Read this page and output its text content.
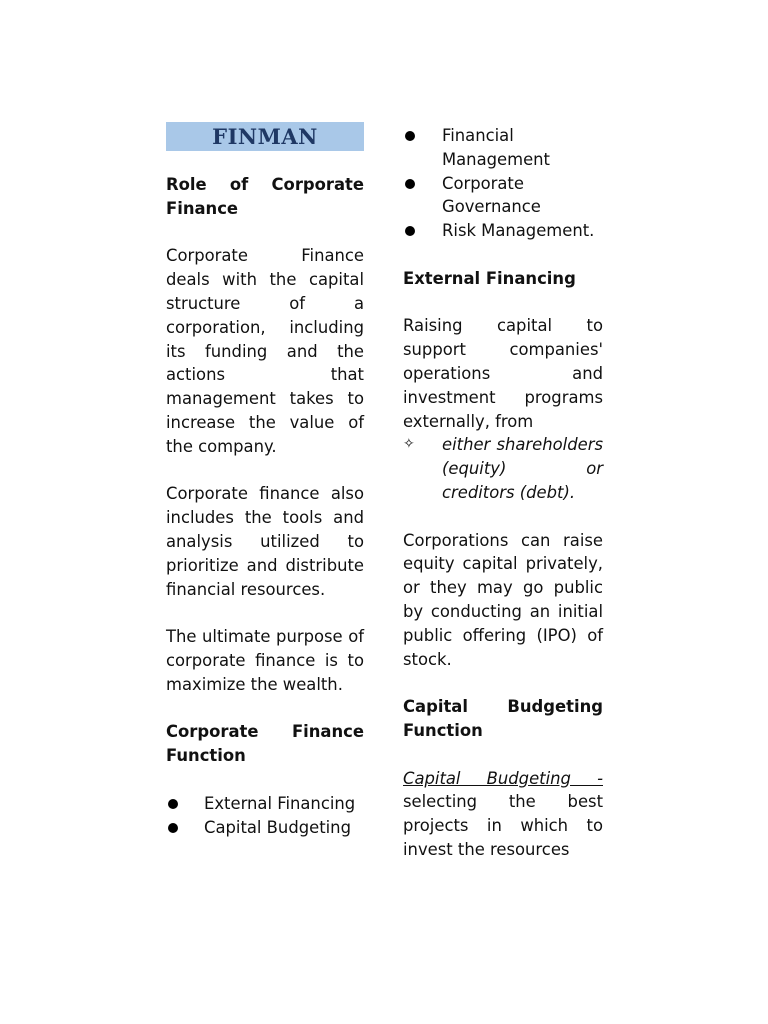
FINMAN
Role of Corporate Finance
Corporate Finance deals with the capital structure of a corporation, including its funding and the actions that management takes to increase the value of the company.
Corporate finance also includes the tools and analysis utilized to prioritize and distribute financial resources.
The ultimate purpose of corporate finance is to maximize the wealth.
Corporate Finance Function
External Financing
Capital Budgeting
Financial Management
Corporate Governance
Risk Management.
External Financing
Raising capital to support companies' operations and investment programs externally, from
✧ either shareholders (equity) or creditors (debt).
Corporations can raise equity capital privately, or they may go public by conducting an initial public offering (IPO) of stock.
Capital Budgeting Function
Capital Budgeting - selecting the best projects in which to invest the resources
